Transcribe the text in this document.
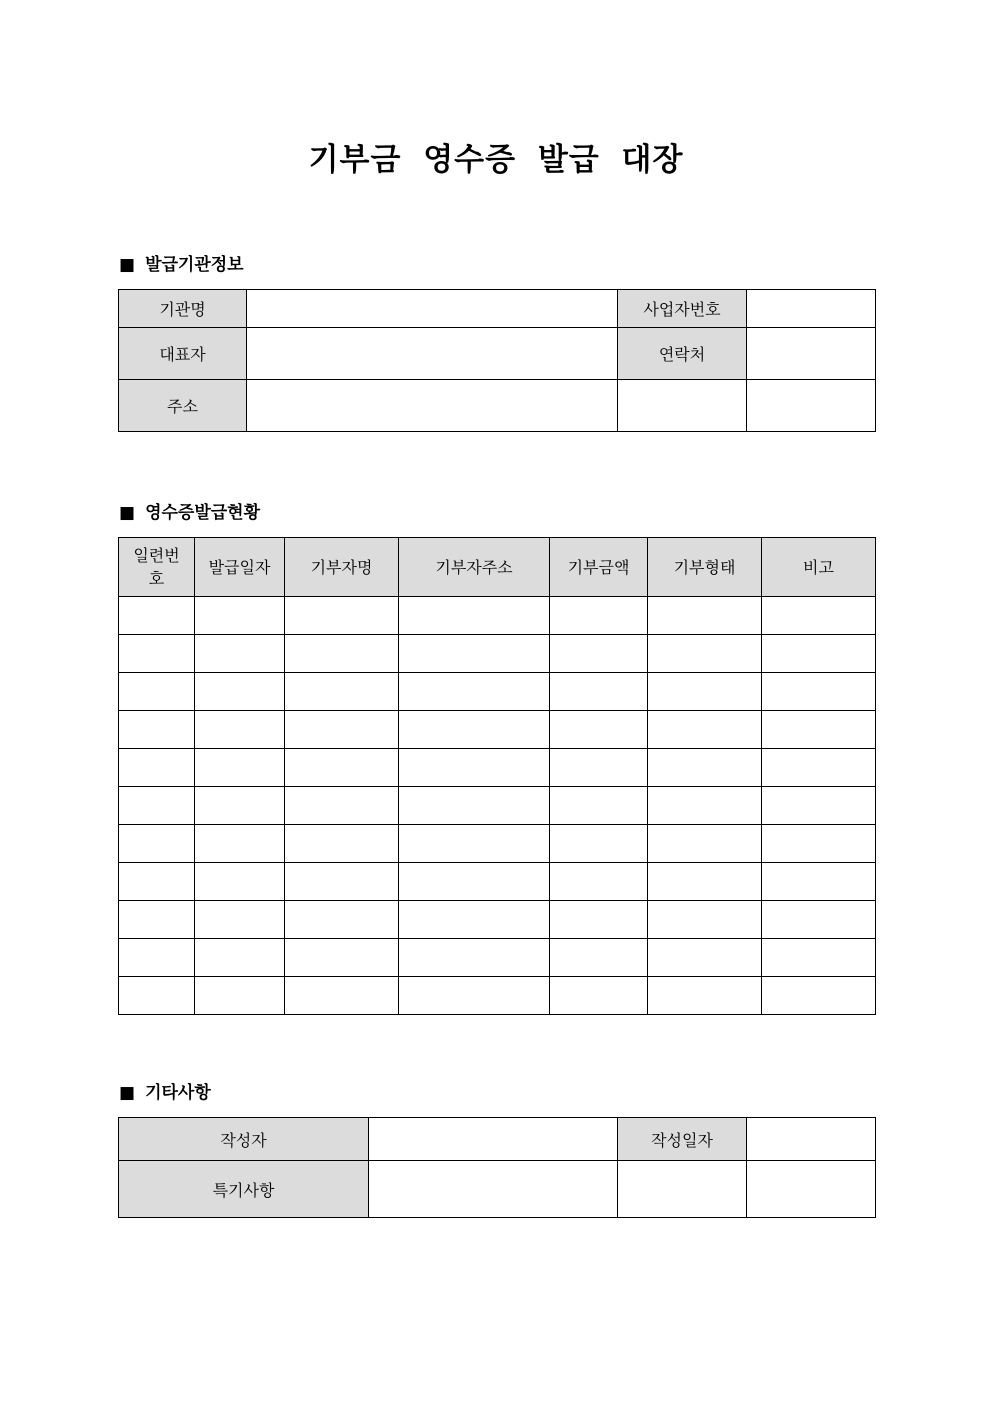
기부금 영수증 발급 대장
■ 발급기관정보
기관명		사업자번호	
대표자		연락처	
주소			
■ 영수증발급현황
일련번호	발급일자	기부자명	기부자주소	기부금액	기부형태	비고

■ 기타사항
작성자		작성일자	
특기사항			
